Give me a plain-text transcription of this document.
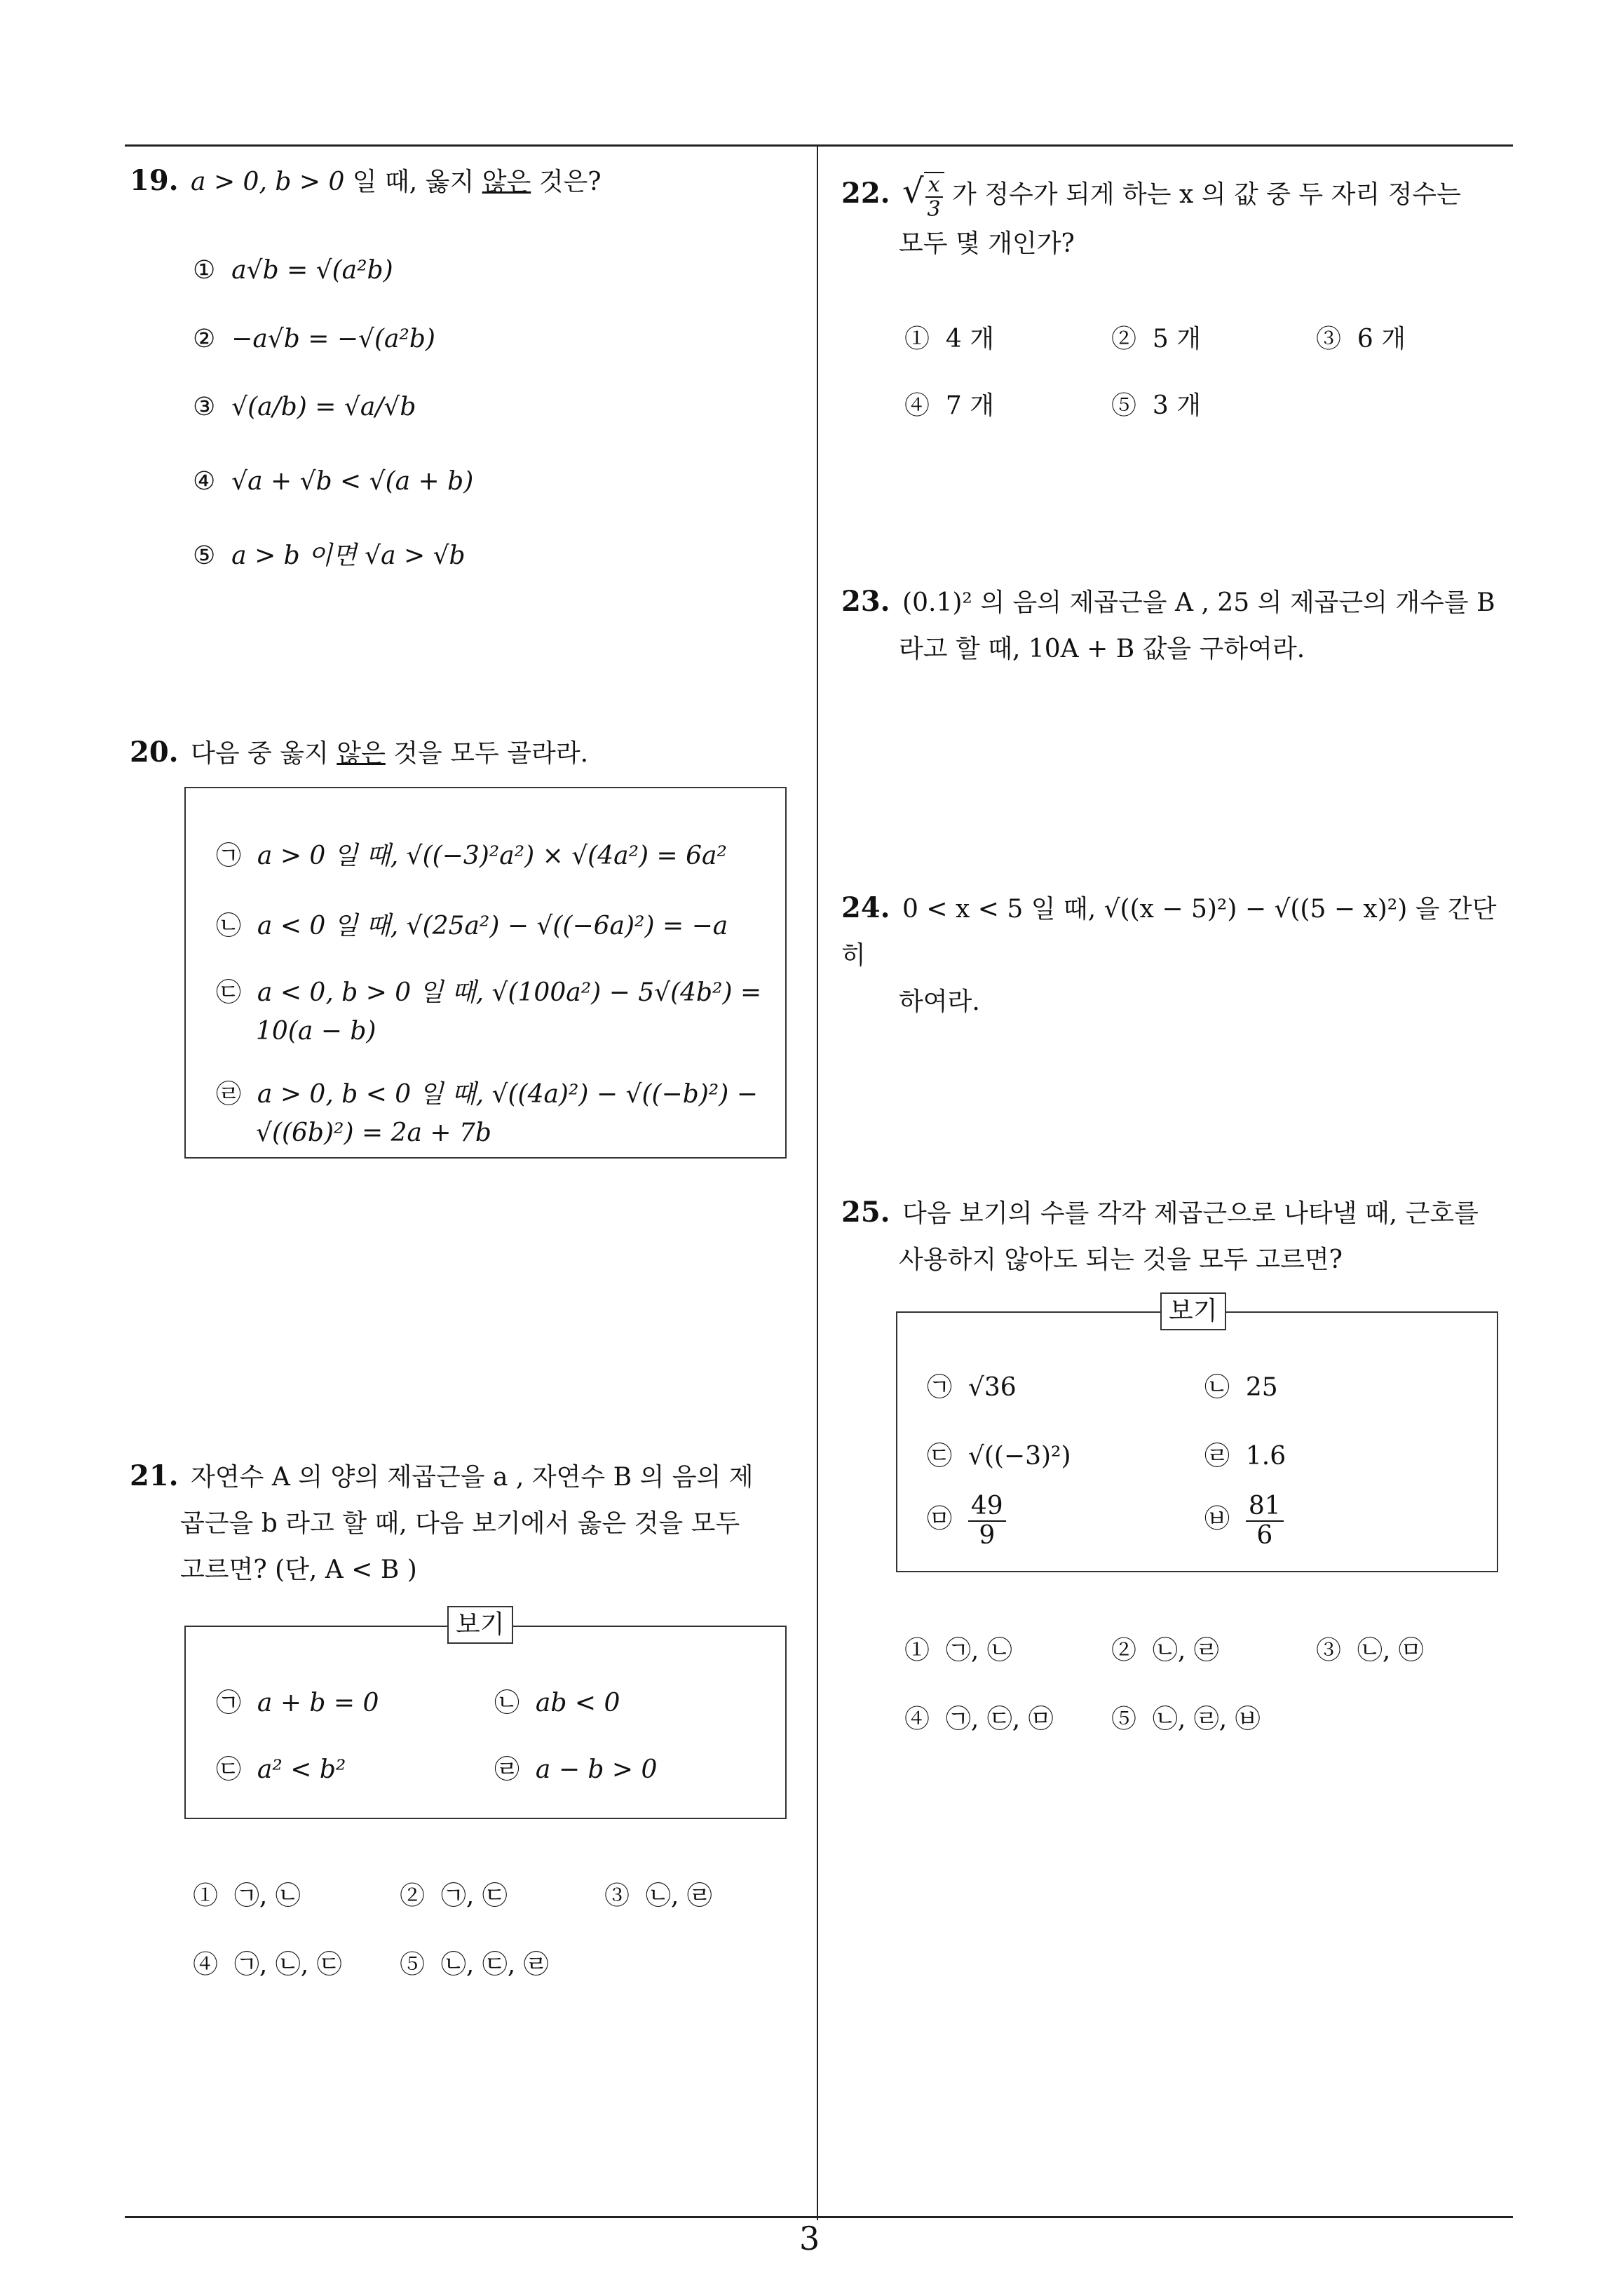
19. a > 0, b > 0 일 때, 옳지 않은 것은?
① a√b = √(a²b)
② −a√b = −√(a²b)
③ √(a/b) = √a/√b
④ √a + √b < √(a + b)
⑤ a > b 이면 √a > √b
20. 다음 중 옳지 않은 것을 모두 골라라.
㉠ a > 0 일 때, √((−3)²a²) × √(4a²) = 6a²
㉡ a < 0 일 때, √(25a²) − √((−6a)²) = −a
㉢ a < 0, b > 0 일 때, √(100a²) − 5√(4b²) =
10(a − b)
㉣ a > 0, b < 0 일 때, √((4a)²) − √((−b)²) −
√((6b)²) = 2a + 7b
21. 자연수 A 의 양의 제곱근을 a , 자연수 B 의 음의 제
곱근을 b 라고 할 때, 다음 보기에서 옳은 것을 모두
고르면? (단, A < B )
보기
㉠ a + b = 0	㉡ ab < 0
㉢ a² < b²	㉣ a − b > 0
① ㉠, ㉡	② ㉠, ㉢	③ ㉡, ㉣
④ ㉠, ㉡, ㉢ ⑤ ㉡, ㉢, ㉣
22. √ $\frac{x}{3}$ 가 정수가 되게 하는 x 의 값 중 두 자리 정수는
모두 몇 개인가?
① 4 개	② 5 개	③ 6 개
④ 7 개	⑤ 3 개
23. (0.1)² 의 음의 제곱근을 A , 25 의 제곱근의 개수를 B
라고 할 때, 10A + B 값을 구하여라.
24. 0 < x < 5 일 때, √((x − 5)²) − √((5 − x)²) 을 간단히
하여라.
25. 다음 보기의 수를 각각 제곱근으로 나타낼 때, 근호를
사용하지 않아도 되는 것을 모두 고르면?
보기
㉠ √36	㉡ 25
㉢ √((−3)²)	㉣ 1.6
㉤ $\frac{49}{9}$	㉥ $\frac{81}{6}$
① ㉠, ㉡	② ㉡, ㉣	③ ㉡, ㉤
④ ㉠, ㉢, ㉤ ⑤ ㉡, ㉣, ㉥
3
